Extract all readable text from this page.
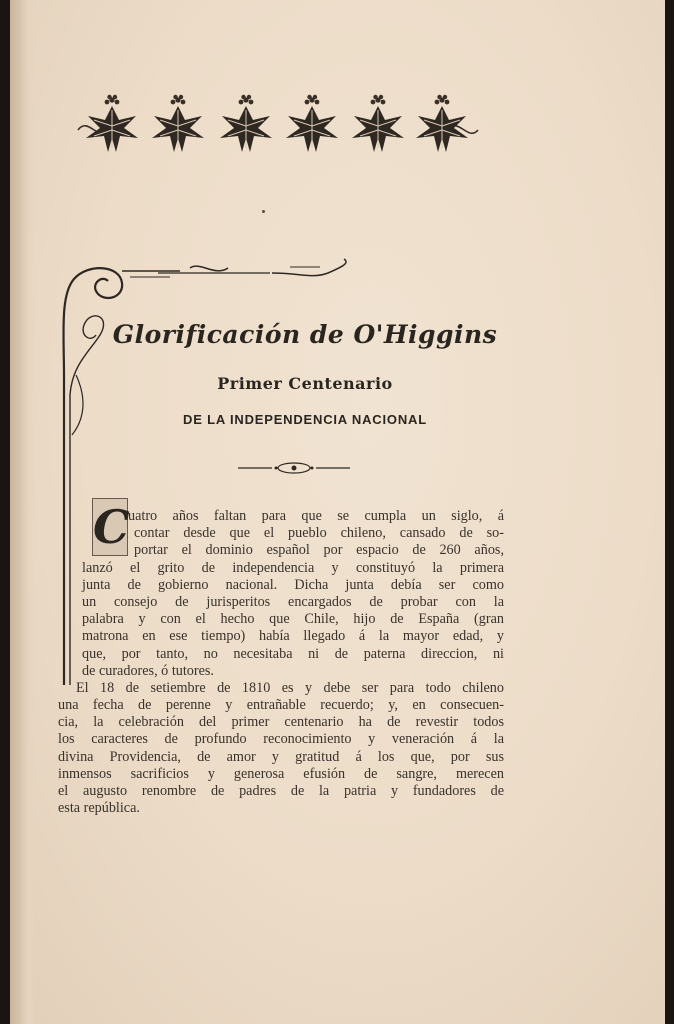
Glorificación de O'Higgins
Primer Centenario
DE LA INDEPENDENCIA NACIONAL
C
uatro años faltan para que se cumpla un siglo, á
contar desde que el pueblo chileno, cansado de so-
portar el dominio español por espacio de 260 años,
lanzó el grito de independencia y constituyó la primera
junta de gobierno nacional. Dicha junta debía ser como
un consejo de jurisperitos encargados de probar con la
palabra y con el hecho que Chile, hijo de España (gran
matrona en ese tiempo) había llegado á la mayor edad, y
que, por tanto, no necesitaba ni de paterna direccion, ni
de curadores, ó tutores.
El 18 de setiembre de 1810 es y debe ser para todo chileno
una fecha de perenne y entrañable recuerdo; y, en consecuen-
cia, la celebración del primer centenario ha de revestir todos
los caracteres de profundo reconocimiento y veneración á la
divina Providencia, de amor y gratitud á los que, por sus
inmensos sacrificios y generosa efusión de sangre, merecen
el augusto renombre de padres de la patria y fundadores de
esta república.
